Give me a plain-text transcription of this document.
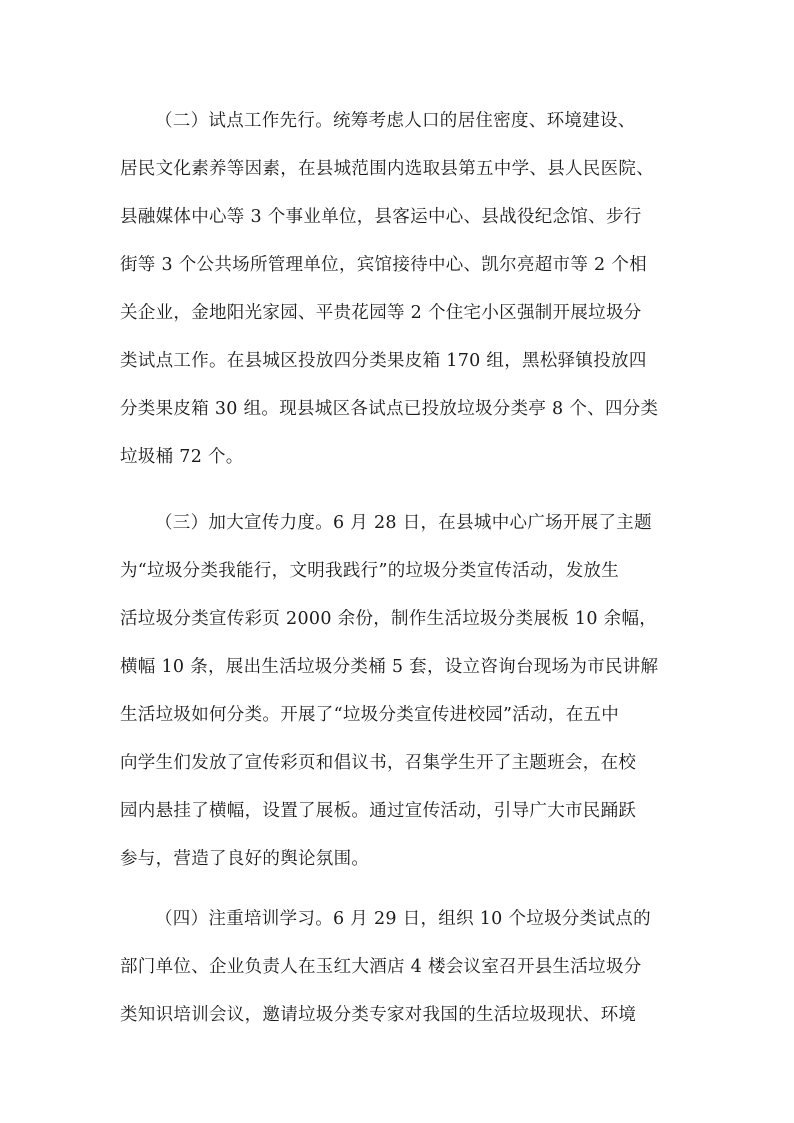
（二）试点工作先行。统筹考虑人口的居住密度、环境建设、
居民文化素养等因素，在县城范围内选取县第五中学、县人民医院、
县融媒体中心等 3 个事业单位，县客运中心、县战役纪念馆、步行
街等 3 个公共场所管理单位，宾馆接待中心、凯尔亮超市等 2 个相
关企业，金地阳光家园、平贵花园等 2 个住宅小区强制开展垃圾分
类试点工作。在县城区投放四分类果皮箱 170 组，黑松驿镇投放四
分类果皮箱 30 组。现县城区各试点已投放垃圾分类亭 8 个、四分类
垃圾桶 72 个。
（三）加大宣传力度。6 月 28 日，在县城中心广场开展了主题
为“垃圾分类我能行，文明我践行”的垃圾分类宣传活动，发放生
活垃圾分类宣传彩页 2000 余份，制作生活垃圾分类展板 10 余幅，
横幅 10 条，展出生活垃圾分类桶 5 套，设立咨询台现场为市民讲解
生活垃圾如何分类。开展了“垃圾分类宣传进校园”活动，在五中
向学生们发放了宣传彩页和倡议书，召集学生开了主题班会，在校
园内悬挂了横幅，设置了展板。通过宣传活动，引导广大市民踊跃
参与，营造了良好的舆论氛围。
（四）注重培训学习。6 月 29 日，组织 10 个垃圾分类试点的
部门单位、企业负责人在玉红大酒店 4 楼会议室召开县生活垃圾分
类知识培训会议，邀请垃圾分类专家对我国的生活垃圾现状、环境
